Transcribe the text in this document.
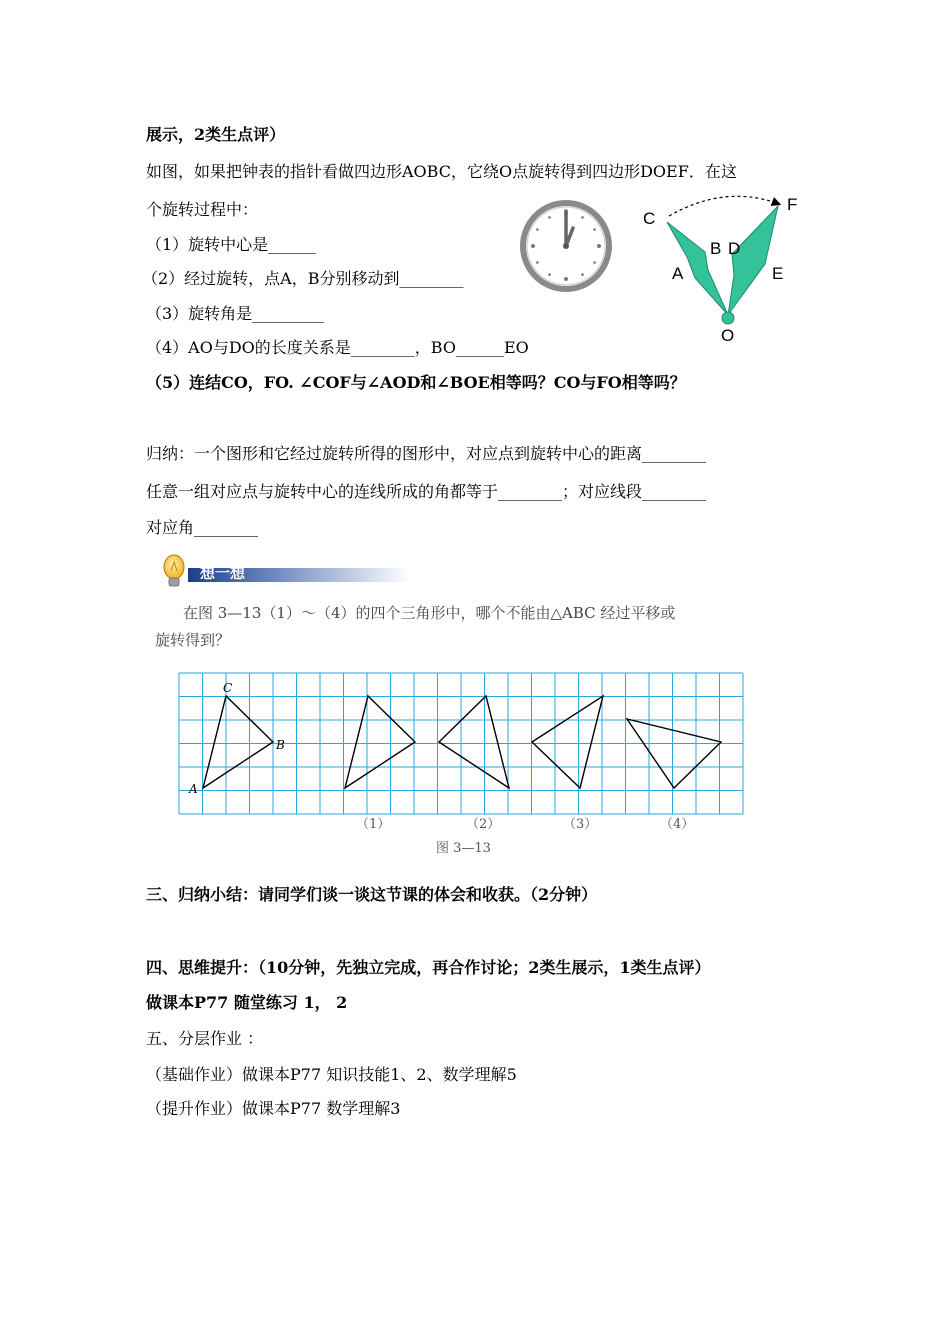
展示，2类生点评）
如图，如果把钟表的指针看做四边形AOBC，它绕O点旋转得到四边形DOEF．在这
个旋转过程中：
（1）旋转中心是______
（2）经过旋转，点A，B分别移动到________
（3）旋转角是_________
（4）AO与DO的长度关系是________，BO______EO
（5）连结CO，FO. ∠COF与∠AOD和∠BOE相等吗？CO与FO相等吗？
C
F
B D
A	E
O
归纳：一个图形和它经过旋转所得的图形中，对应点到旋转中心的距离________
任意一组对应点与旋转中心的连线所成的角都等于________；对应线段________
对应角________
想一想
在图 3—13（1）～（4）的四个三角形中，哪个不能由△ABC 经过平移或
旋转得到？
C
B
A
（1）	（2）	（3）	（4）
图 3—13
三、归纳小结：请同学们谈一谈这节课的体会和收获。（2分钟）
四、思维提升：（10分钟，先独立完成，再合作讨论；2类生展示，1类生点评）
做课本P77 随堂练习 1， 2
五、分层作业 ：
（基础作业）做课本P77 知识技能1、2、数学理解5
（提升作业）做课本P77 数学理解3
